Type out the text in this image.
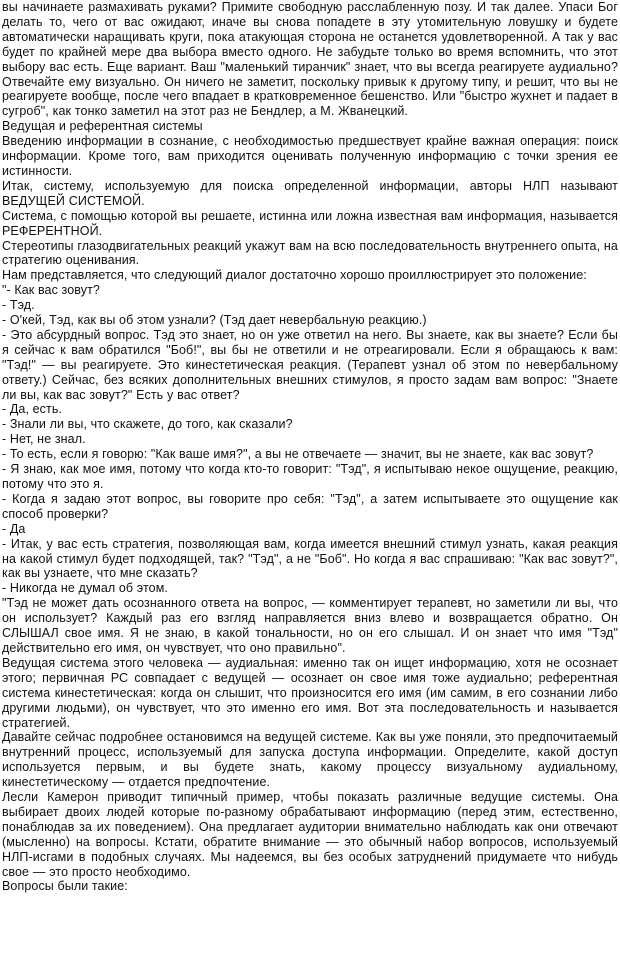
вы начинаете размахивать руками? Примите свободную расслабленную позу. И так далее. Упаси Бог делать то, чего от вас ожидают, иначе вы снова попадете в эту утомительную ловушку и будете автоматически наращивать круги, пока атакующая сторона не останется удовлетворенной. А так у вас будет по крайней мере два выбора вместо одного. Не забудьте только во время вспомнить, что этот выбору вас есть. Еще вариант. Ваш "маленький тиранчик" знает, что вы всегда реагируете аудиально? Отвечайте ему визуально. Он ничего не заметит, поскольку привык к другому типу, и решит, что вы не реагируете вообще, после чего впадает в кратковременное бешенство. Или "быстро жухнет и падает в сугроб", как тонко заметил на этот раз не Бендлер, а М. Жванецкий.

Ведущая и референтная системы

Введению информации в сознание, с необходимостью предшествует крайне важная операция: поиск информации. Кроме того, вам приходится оценивать полученную информацию с точки зрения ее истинности.

Итак, систему, используемую для поиска определенной информации, авторы НЛП называют ВЕДУЩЕЙ СИСТЕМОЙ.

Система, с помощью которой вы решаете, истинна или ложна известная вам информация, называется РЕФЕРЕНТНОЙ.

Стереотипы глазодвигательных реакций укажут вам на всю последовательность внутреннего опыта, на стратегию оценивания.

Нам представляется, что следующий диалог достаточно хорошо проиллюстрирует это положение:

"- Как вас зовут?

- Тэд.

- О'кей, Тэд, как вы об этом узнали? (Тэд дает невербальную реакцию.)

- Это абсурдный вопрос. Тэд это знает, но он уже ответил на него. Вы знаете, как вы знаете? Если бы я сейчас к вам обратился "Боб!", вы бы не ответили и не отреагировали. Если я обращаюсь к вам: "Тэд!" — вы реагируете. Это кинестетическая реакция. (Терапевт узнал об этом по невербальному ответу.) Сейчас, без всяких дополнительных внешних стимулов, я просто задам вам вопрос: "Знаете ли вы, как вас зовут?" Есть у вас ответ?

- Да, есть.

- Знали ли вы, что скажете, до того, как сказали?

- Нет, не знал.

- То есть, если я говорю: "Как ваше имя?", а вы не отвечаете — значит, вы не знаете, как вас зовут?

- Я знаю, как мое имя, потому что когда кто-то говорит: "Тэд", я испытываю некое ощущение, реакцию, потому что это я.

- Когда я задаю этот вопрос, вы говорите про себя: "Тэд", а затем испытываете это ощущение как способ проверки?

- Да

- Итак, у вас есть стратегия, позволяющая вам, когда имеется внешний стимул узнать, какая реакция на какой стимул будет подходящей, так? "Тэд", а не "Боб". Но когда я вас спрашиваю: "Как вас зовут?", как вы узнаете, что мне сказать?

- Никогда не думал об этом.

"Тэд не может дать осознанного ответа на вопрос, — комментирует терапевт, но заметили ли вы, что он использует? Каждый раз его взгляд направляется вниз влево и возвращается обратно. Он СЛЫШАЛ свое имя. Я не знаю, в какой тональности, но он его слышал. И он знает что имя "Тэд" действительно его имя, он чувствует, что оно правильно".

Ведущая система этого человека — аудиальная: именно так он ищет информацию, хотя не осознает этого; первичная РС совпадает с ведущей — осознает он свое имя тоже аудиально; референтная система кинестетическая: когда он слышит, что произносится его имя (им самим, в его сознании либо другими людьми), он чувствует, что это именно его имя. Вот эта последовательность и называется стратегией.

Давайте сейчас подробнее остановимся на ведущей системе. Как вы уже поняли, это предпочитаемый внутренний процесс, используемый для запуска доступа информации. Определите, какой доступ используется первым, и вы будете знать, какому процессу визуальному аудиальному, кинестетическому — отдается предпочтение.

Лесли Камерон приводит типичный пример, чтобы показать различные ведущие системы. Она выбирает двоих людей которые по-разному обрабатывают информацию (перед этим, естественно, понаблюдав за их поведением). Она предлагает аудитории внимательно наблюдать как они отвечают (мысленно) на вопросы. Кстати, обратите внимание — это обычный набор вопросов, используемый НЛП-исгами в подобных случаях. Мы надеемся, вы без особых затруднений придумаете что нибудь свое — это просто необходимо.

Вопросы были такие:
